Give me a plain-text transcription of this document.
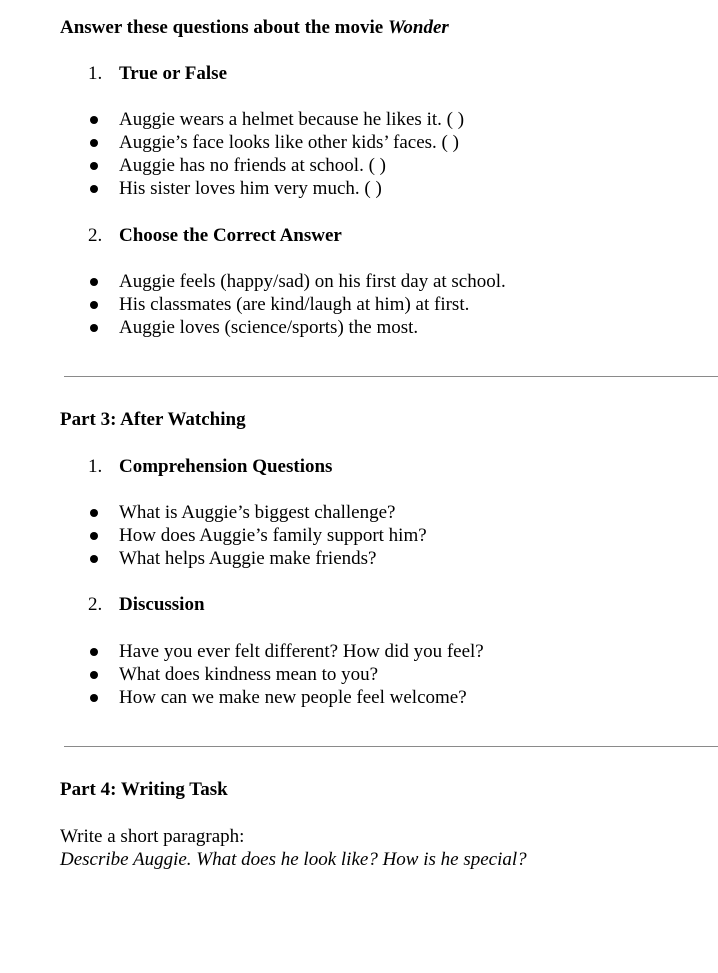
Answer these questions about the movie Wonder
1. True or False
Auggie wears a helmet because he likes it. ( )
Auggie’s face looks like other kids’ faces. ( )
Auggie has no friends at school. ( )
His sister loves him very much. ( )
2. Choose the Correct Answer
Auggie feels (happy/sad) on his first day at school.
His classmates (are kind/laugh at him) at first.
Auggie loves (science/sports) the most.
Part 3: After Watching
1. Comprehension Questions
What is Auggie’s biggest challenge?
How does Auggie’s family support him?
What helps Auggie make friends?
2. Discussion
Have you ever felt different? How did you feel?
What does kindness mean to you?
How can we make new people feel welcome?
Part 4: Writing Task
Write a short paragraph:
Describe Auggie. What does he look like? How is he special?
